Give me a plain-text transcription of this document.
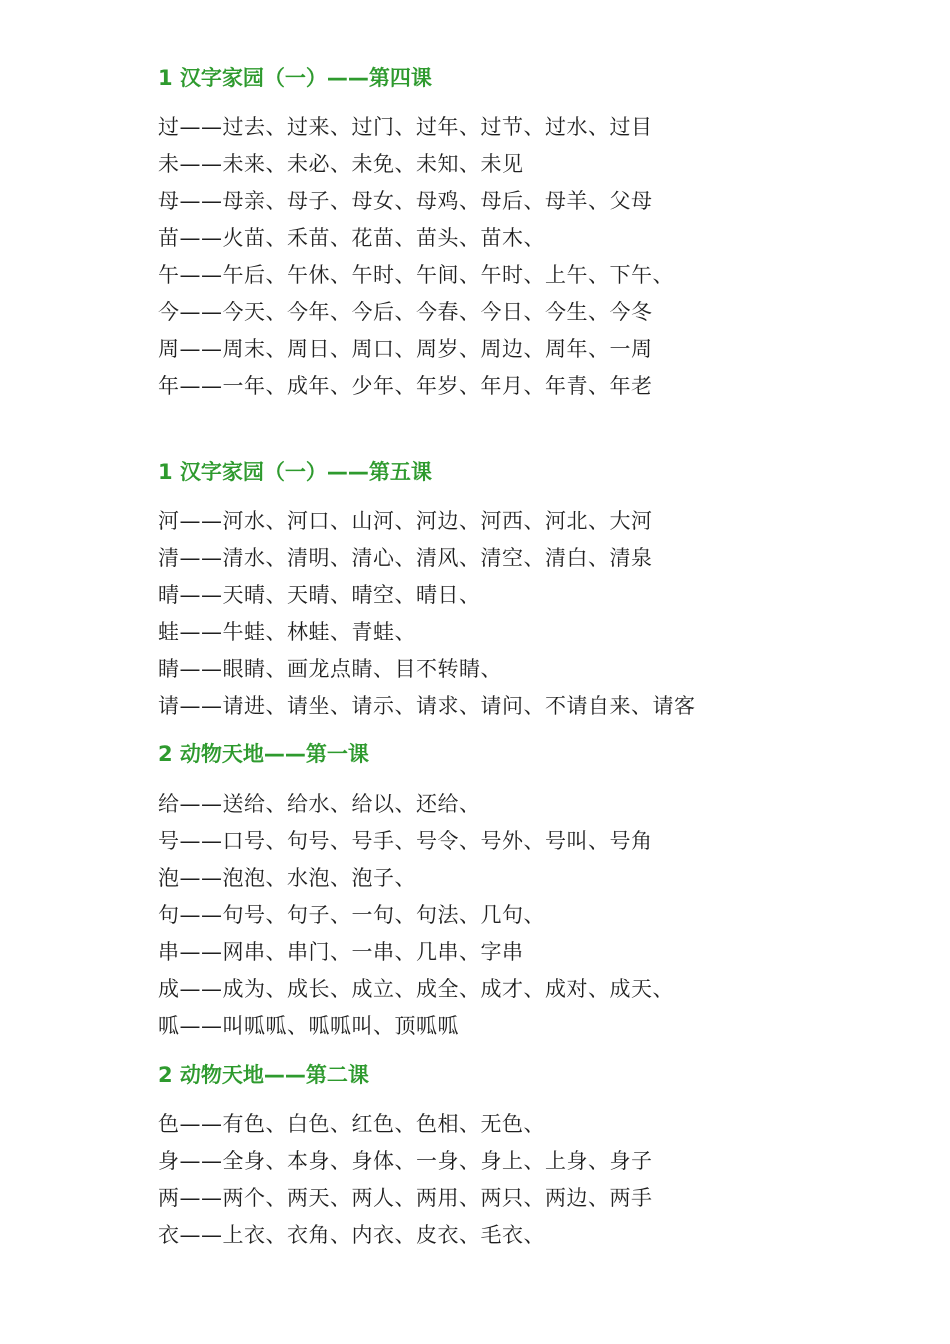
1 汉字家园（一）——第四课
过——过去、过来、过门、过年、过节、过水、过目
未——未来、未必、未免、未知、未见
母——母亲、母子、母女、母鸡、母后、母羊、父母
苗——火苗、禾苗、花苗、苗头、苗木、
午——午后、午休、午时、午间、午时、上午、下午、
今——今天、今年、今后、今春、今日、今生、今冬
周——周末、周日、周口、周岁、周边、周年、一周
年——一年、成年、少年、年岁、年月、年青、年老
1 汉字家园（一）——第五课
河——河水、河口、山河、河边、河西、河北、大河
清——清水、清明、清心、清风、清空、清白、清泉
晴——天晴、天晴、晴空、晴日、
蛙——牛蛙、林蛙、青蛙、
睛——眼睛、画龙点睛、目不转睛、
请——请进、请坐、请示、请求、请问、不请自来、请客
2 动物天地——第一课
给——送给、给水、给以、还给、
号——口号、句号、号手、号令、号外、号叫、号角
泡——泡泡、水泡、泡子、
句——句号、句子、一句、句法、几句、
串——网串、串门、一串、几串、字串
成——成为、成长、成立、成全、成才、成对、成天、
呱——叫呱呱、呱呱叫、顶呱呱
2 动物天地——第二课
色——有色、白色、红色、色相、无色、
身——全身、本身、身体、一身、身上、上身、身子
两——两个、两天、两人、两用、两只、两边、两手
衣——上衣、衣角、内衣、皮衣、毛衣、
